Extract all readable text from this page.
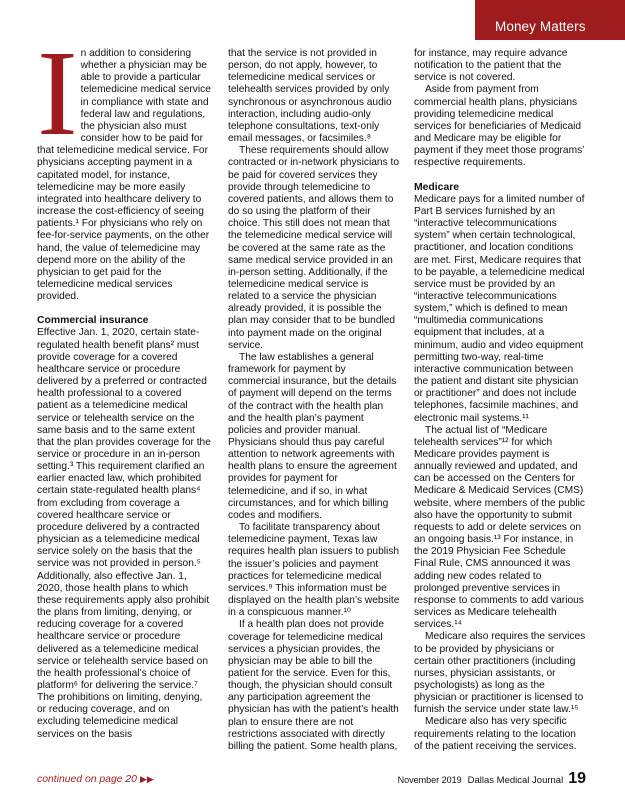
Money Matters

I n addition to considering whether a physician may be able to provide a particular telemedicine medical service in compliance with state and federal law and regulations, the physician also must consider how to be paid for that telemedicine medical service. For physicians accepting payment in a capitated model, for instance, telemedicine may be more easily integrated into healthcare delivery to increase the cost-efficiency of seeing patients.¹ For physicians who rely on fee-for-service payments, on the other hand, the value of telemedicine may depend more on the ability of the physician to get paid for the telemedicine medical services provided.

Commercial insurance

Effective Jan. 1, 2020, certain state-regulated health benefit plans² must provide coverage for a covered healthcare service or procedure delivered by a preferred or contracted health professional to a covered patient as a telemedicine medical service or telehealth service on the same basis and to the same extent that the plan provides coverage for the service or procedure in an in-person setting.³ This requirement clarified an earlier enacted law, which prohibited certain state-regulated health plans⁴ from excluding from coverage a covered healthcare service or procedure delivered by a contracted physician as a telemedicine medical service solely on the basis that the service was not provided in person.⁵ Additionally, also effective Jan. 1, 2020, those health plans to which these requirements apply also prohibit the plans from limiting, denying, or reducing coverage for a covered healthcare service or procedure delivered as a telemedicine medical service or telehealth service based on the health professional’s choice of platform⁶ for delivering the service.⁷ The prohibitions on limiting, denying, or reducing coverage, and on excluding telemedicine medical services on the basis

that the service is not provided in person, do not apply, however, to telemedicine medical services or telehealth services provided by only synchronous or asynchronous audio interaction, including audio-only telephone consultations, text-only email messages, or facsimiles.⁸

These requirements should allow contracted or in-network physicians to be paid for covered services they provide through telemedicine to covered patients, and allows them to do so using the platform of their choice. This still does not mean that the telemedicine medical service will be covered at the same rate as the same medical service provided in an in-person setting. Additionally, if the telemedicine medical service is related to a service the physician already provided, it is possible the plan may consider that to be bundled into payment made on the original service.

The law establishes a general framework for payment by commercial insurance, but the details of payment will depend on the terms of the contract with the health plan and the health plan’s payment policies and provider manual. Physicians should thus pay careful attention to network agreements with health plans to ensure the agreement provides for payment for telemedicine, and if so, in what circumstances, and for which billing codes and modifiers.

To facilitate transparency about telemedicine payment, Texas law requires health plan issuers to publish the issuer’s policies and payment practices for telemedicine medical services.⁹ This information must be displayed on the health plan’s website in a conspicuous manner.¹⁰

If a health plan does not provide coverage for telemedicine medical services a physician provides, the physician may be able to bill the patient for the service. Even for this, though, the physician should consult any participation agreement the physician has with the patient’s health plan to ensure there are not restrictions associated with directly billing the patient. Some health plans,

for instance, may require advance notification to the patient that the service is not covered.

Aside from payment from commercial health plans, physicians providing telemedicine medical services for beneficiaries of Medicaid and Medicare may be eligible for payment if they meet those programs’ respective requirements.

Medicare

Medicare pays for a limited number of Part B services furnished by an “interactive telecommunications system” when certain technological, practitioner, and location conditions are met. First, Medicare requires that to be payable, a telemedicine medical service must be provided by an “interactive telecommunications system,” which is defined to mean “multimedia communications equipment that includes, at a minimum, audio and video equipment permitting two-way, real-time interactive communication between the patient and distant site physician or practitioner” and does not include telephones, facsimile machines, and electronic mail systems.¹¹

The actual list of “Medicare telehealth services”¹² for which Medicare provides payment is annually reviewed and updated, and can be accessed on the Centers for Medicare & Medicaid Services (CMS) website, where members of the public also have the opportunity to submit requests to add or delete services on an ongoing basis.¹³ For instance, in the 2019 Physician Fee Schedule Final Rule, CMS announced it was adding new codes related to prolonged preventive services in response to comments to add various services as Medicare telehealth services.¹⁴

Medicare also requires the services to be provided by physicians or certain other practitioners (including nurses, physician assistants, or psychologists) as long as the physician or practitioner is licensed to furnish the service under state law.¹⁵

Medicare also has very specific requirements relating to the location of the patient receiving the services.

continued on page 20 ▶▶	November 2019 Dallas Medical Journal 19
